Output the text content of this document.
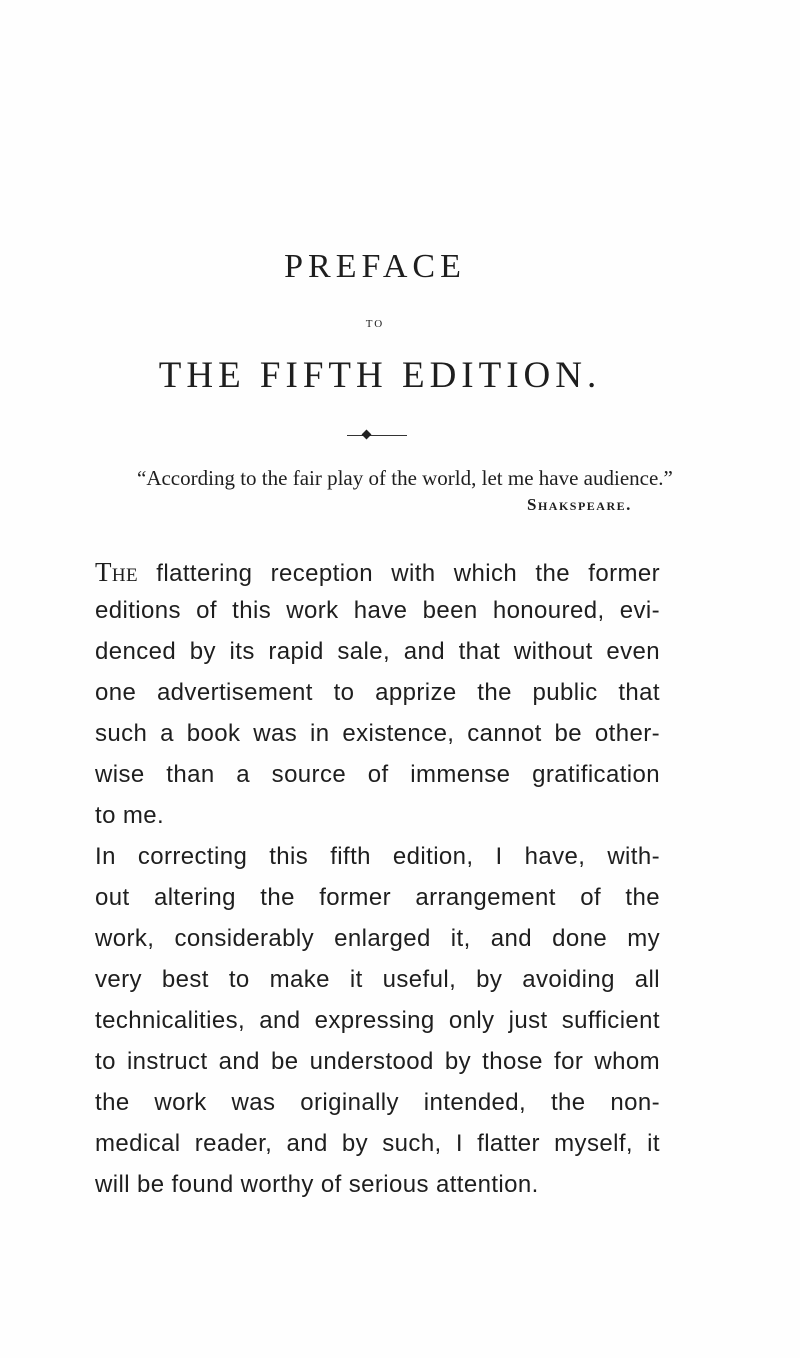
PREFACE
TO
THE FIFTH EDITION.
“According to the fair play of the world, let me have audience.”
Shakspeare.
The flattering reception with which the former
editions of this work have been honoured, evi-
denced by its rapid sale, and that without even
one advertisement to apprize the public that
such a book was in existence, cannot be other-
wise than a source of immense gratification
to me.
In correcting this fifth edition, I have, with-
out altering the former arrangement of the
work, considerably enlarged it, and done my
very best to make it useful, by avoiding all
technicalities, and expressing only just sufficient
to instruct and be understood by those for whom
the work was originally intended, the non-
medical reader, and by such, I flatter myself, it
will be found worthy of serious attention.
